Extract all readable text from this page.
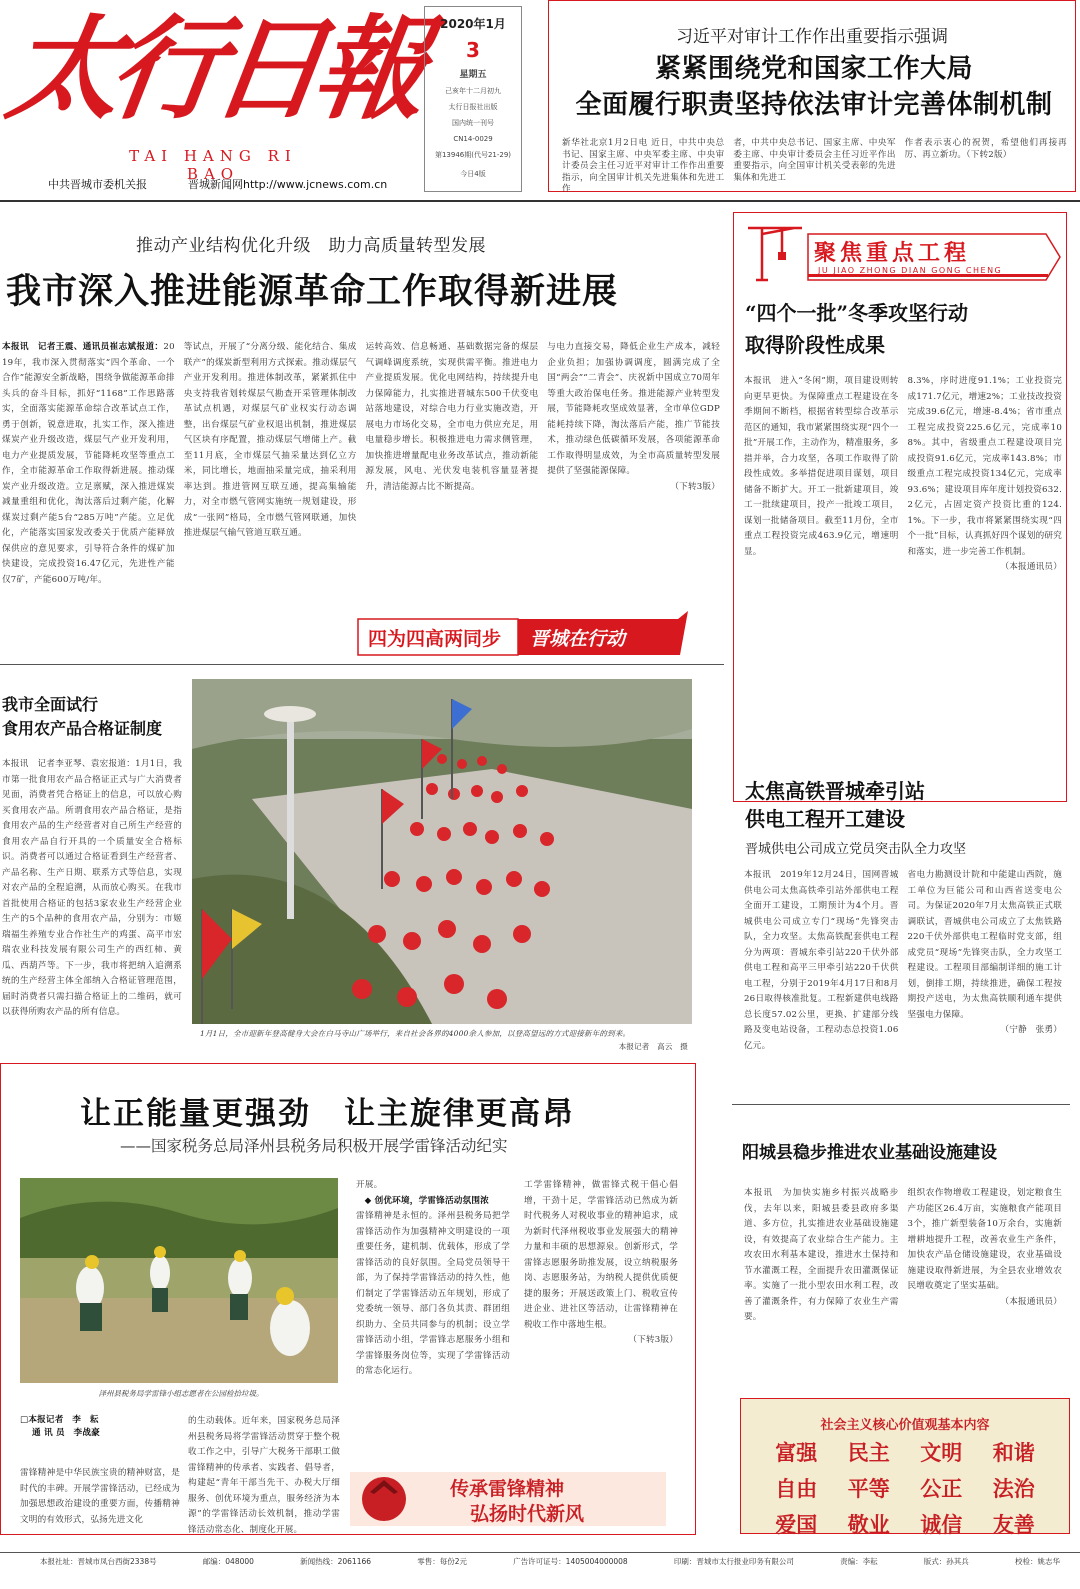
太行日報
TAI HANG RI BAO
中共晋城市委机关报	晋城新闻网http://www.jcnews.com.cn
2020年1月
3
星期五
己亥年十二月初九
太行日报社出版
国内统一刊号
CN14-0029
第13946期(代号21-29)
今日4版
习近平对审计工作作出重要指示强调
紧紧围绕党和国家工作大局
全面履行职责坚持依法审计完善体制机制
新华社北京1月2日电 近日，中共中央总书记、国家主席、中央军委主席、中央审计委员会主任习近平对审计工作作出重要指示，向全国审计机关先进集体和先进工作
者，中共中央总书记、国家主席、中央军委主席、中央审计委员会主任习近平作出重要指示，向全国审计机关受表彰的先进集体和先进工
作者表示衷心的祝贺，希望他们再接再厉、再立新功。（下转2版）
推动产业结构优化升级　助力高质量转型发展
我市深入推进能源革命工作取得新进展
本报讯　记者王震、通讯员崔志斌报道：2019年，我市深入贯彻落实“四个革命、一个合作”能源安全新战略，围绕争做能源革命排头兵的奋斗目标，抓好“1168”工作思路落实，全面落实能源革命综合改革试点工作，勇于创新，锐意进取，扎实工作，深入推进煤炭产业升级改造，煤层气产业开发利用，电力产业提质发展，节能降耗攻坚等重点工作，全市能源革命工作取得新进展。推动煤炭产业升级改造。立足禀赋，深入推进煤炭减量重组和优化，淘汰落后过剩产能，化解煤炭过剩产能5台“285万吨”产能。立足优化，产能落实国家发改委关于优质产能释放保供应的意见要求，引导符合条件的煤矿加快建设，完成投资16.47亿元，先进性产能仅7矿，产能600万吨/年。
等试点，开展了“分离分级、能化结合、集成联产”的煤炭新型利用方式探索。推动煤层气产业开发利用。推进体制改革，紧紧抓住中央支持我省划转煤层气勘查开采管理体制改革试点机遇，对煤层气矿业权实行动态调整，出台煤层气矿业权退出机制，推进煤层气区块有序配置，推动煤层气增储上产。截至11月底，全市煤层气抽采量达到亿立方米，同比增长，地面抽采量完成，抽采利用率达到。推进管网互联互通，提高集输能力，对全市燃气管网实施统一规划建设，形成“一张网”格局，全市燃气管网联通，加快推进煤层气输气管道互联互通。
运转高效、信息畅通、基础数据完备的煤层气调峰调度系统，实现供需平衡。推进电力产业提质发展。优化电网结构，持续提升电力保障能力，扎实推进晋城东500千伏变电站落地建设，对综合电力行业实施改造，开展电力市场化交易，全市电力供应充足，用电量稳步增长。积极推进电力需求侧管理，加快推进增量配电业务改革试点，推动新能源发展，风电、光伏发电装机容量显著提升，清洁能源占比不断提高。
与电力直接交易，降低企业生产成本，减轻企业负担；加强协调调度，圆满完成了全国“两会”“二青会”、庆祝新中国成立70周年等重大政治保电任务。推进能源产业转型发展，节能降耗攻坚成效显著，全市单位GDP能耗持续下降，淘汰落后产能，推广节能技术，推动绿色低碳循环发展，各项能源革命工作取得明显成效，为全市高质量转型发展提供了坚强能源保障。
（下转3版）
四为四高两同步 晋城在行动
我市全面试行
食用农产品合格证制度
本报讯　记者李亚琴、袁宏报道：1月1日，我市第一批食用农产品合格证正式与广大消费者见面，消费者凭合格证上的信息，可以放心购买食用农产品。所谓食用农产品合格证，是指食用农产品的生产经营者对自己所生产经营的食用农产品自行开具的一个质量安全合格标识。消费者可以通过合格证看到生产经营者、产品名称、生产日期、联系方式等信息，实现对农产品的全程追溯，从而放心购买。在我市首批使用合格证的包括3家农业生产经营企业生产的5个品种的食用农产品，分别为：市姬瑞福生养殖专业合作社生产的鸡蛋、高平市宏瑞农业科技发展有限公司生产的西红柿、黄瓜、西葫芦等。下一步，我市将把纳入追溯系统的生产经营主体全部纳入合格证管理范围，届时消费者只需扫描合格证上的二维码，就可以获得所购农产品的所有信息。
1月1日，全市迎新年登高健身大会在白马寺山广场举行，来自社会各界的4000余人参加，以登高望远的方式迎接新年的到来。
本报记者　高云　摄
聚焦重点工程
JU JIAO ZHONG DIAN GONG CHENG
“四个一批”冬季攻坚行动
取得阶段性成果
本报讯　进入“冬闲”期，项目建设则转向更早更快。为保障重点工程建设在冬季期间不断档，根据省转型综合改革示范区的通知，我市紧紧围绕实现“四个一批”开展工作，主动作为，精准服务，多措并举，合力攻坚，各项工作取得了阶段性成效。多举措促进项目谋划，项目储备不断扩大。开工一批新建项目，竣工一批续建项目，投产一批竣工项目，谋划一批储备项目。截至11月份，全市重点工程投资完成463.9亿元，增速明显。
8.3%，序时进度91.1%；工业投资完成171.7亿元，增速2%；工业技改投资完成39.6亿元，增速-8.4%；省市重点工程完成投资225.6亿元，完成率108%。其中，省级重点工程建设项目完成投资91.6亿元，完成率143.8%；市级重点工程完成投资134亿元，完成率93.6%；建设项目库年度计划投资632.2亿元，占固定资产投资比重的124.1%。下一步，我市将紧紧围绕实现“四个一批”目标，认真抓好四个谋划的研究和落实，进一步完善工作机制。
（本报通讯员）
太焦高铁晋城牵引站
供电工程开工建设
晋城供电公司成立党员突击队全力攻坚
本报讯　2019年12月24日，国网晋城供电公司太焦高铁牵引站外部供电工程全面开工建设，工期预计为4个月。晋城供电公司成立专门“现场”先锋突击队，全力攻坚。太焦高铁配套供电工程分为两项：晋城东牵引站220千伏外部供电工程和高平三甲牵引站220千伏供电工程，分别于2019年4月17日和8月26日取得核准批复。工程新建供电线路总长度57.02公里，更换、扩建部分线路及变电站设备，工程动态总投资1.06亿元。
省电力勘测设计院和中能建山西院，施工单位为巨能公司和山西省送变电公司。为保证2020年7月太焦高铁正式联调联试，晋城供电公司成立了太焦铁路220千伏外部供电工程临时党支部，组成党员“现场”先锋突击队，全力攻坚工程建设。工程项目部编制详细的施工计划，倒排工期，持续推进，确保工程按期投产送电，为太焦高铁顺利通车提供坚强电力保障。
（宁静　张勇）
让正能量更强劲　让主旋律更高昂
——国家税务总局泽州县税务局积极开展学雷锋活动纪实
泽州县税务局学雷锋小组志愿者在公园检拾垃圾。
□本报记者　李　耘
通 讯 员　李战豪
雷锋精神是中华民族宝贵的精神财富，是时代的丰碑。开展学雷锋活动，已经成为加强思想政治建设的重要方面，传播精神文明的有效形式，弘扬先进文化
的生动载体。近年来，国家税务总局泽州县税务局将学雷锋活动贯穿于整个税收工作之中，引导广大税务干部职工做雷锋精神的传承者、实践者、倡导者，构建起“青年干部当先干、办税大厅细服务、创优环境为重点，服务经济为本源”的学雷锋活动长效机制，推动学雷锋活动常态化、制度化开展。
开展。
◆ 创优环境，学雷锋活动氛围浓
雷锋精神是永恒的。泽州县税务局把学雷锋活动作为加强精神文明建设的一项重要任务，建机制、优载体，形成了学雷锋活动的良好氛围。全局党员领导干部，为了保持学雷锋活动的持久性，他们制定了学雷锋活动五年规划，形成了党委统一领导、部门各负其责、群团组织助力、全员共同参与的机制；设立学雷锋活动小组，学雷锋志愿服务小组和学雷锋服务岗位等，实现了学雷锋活动的常态化运行。
工学雷锋精神，做雷锋式税干倡心倡增，干劲十足，学雷锋活动已然成为新时代税务人对税收事业的精神追求，成为新时代泽州税收事业发展强大的精神力量和丰硕的思想源泉。创新形式，学雷锋志愿服务助推发展，设立纳税服务岗、志愿服务站，为纳税人提供优质便捷的服务；开展送政策上门、税收宣传进企业、进社区等活动，让雷锋精神在税收工作中落地生根。
（下转3版）
传承雷锋精神
弘扬时代新风
阳城县稳步推进农业基础设施建设
本报讯　为加快实施乡村振兴战略步伐，去年以来，阳城县委县政府多渠道、多方位，扎实推进农业基础设施建设，有效提高了农业综合生产能力。主攻农田水利基本建设，推进水土保持和节水灌溉工程，全面提升农田灌溉保证率。实施了一批小型农田水利工程，改善了灌溉条件，有力保障了农业生产需要。
组织农作物增收工程建设，划定粮食生产功能区26.4万亩，实施粮食产能项目3个，推广新型装备10万余台，实施新增耕地提升工程，改善农业生产条件，加快农产品仓储设施建设，农业基础设施建设取得新进展，为全县农业增效农民增收奠定了坚实基础。
（本报通讯员）
社会主义核心价值观基本内容
富强	民主	文明	和谐
自由	平等	公正	法治
爱国	敬业	诚信	友善
本报社址：晋城市凤台西街2338号	邮编：048000	新闻热线：2061166	零售：每份2元	广告许可证号：1405004000008	印刷：晋城市太行报业印务有限公司	责编：李耘	版式：孙其兵	校检：姚志华
